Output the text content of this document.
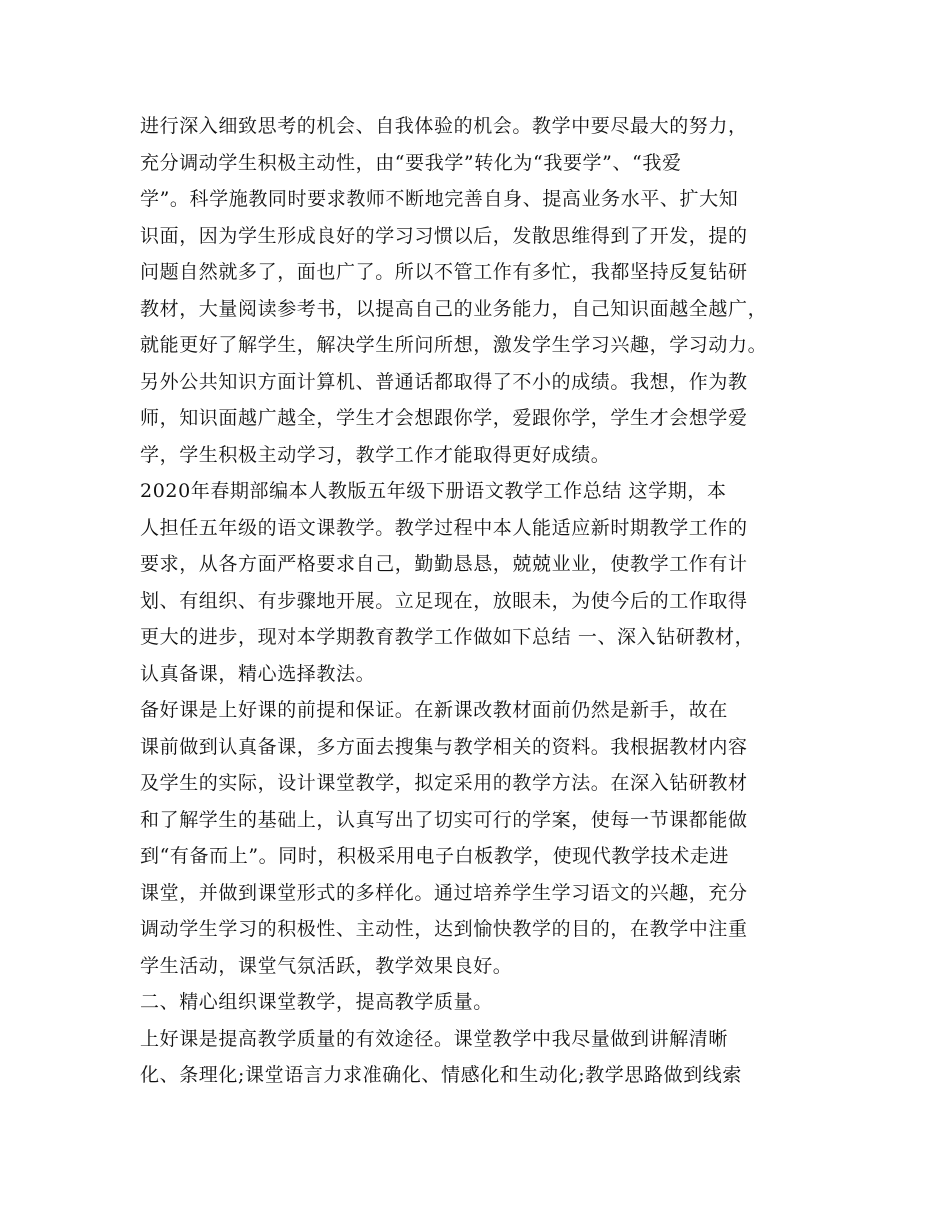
进行深入细致思考的机会、自我体验的机会。教学中要尽最大的努力，
充分调动学生积极主动性，由“要我学”转化为“我要学”、“我爱
学”。科学施教同时要求教师不断地完善自身、提高业务水平、扩大知
识面，因为学生形成良好的学习习惯以后，发散思维得到了开发，提的
问题自然就多了，面也广了。所以不管工作有多忙，我都坚持反复钻研
教材，大量阅读参考书，以提高自己的业务能力，自己知识面越全越广，
就能更好了解学生，解决学生所问所想，激发学生学习兴趣，学习动力。
另外公共知识方面计算机、普通话都取得了不小的成绩。我想，作为教
师，知识面越广越全，学生才会想跟你学，爱跟你学，学生才会想学爱
学，学生积极主动学习，教学工作才能取得更好成绩。
2020年春期部编本人教版五年级下册语文教学工作总结 这学期，本
人担任五年级的语文课教学。教学过程中本人能适应新时期教学工作的
要求，从各方面严格要求自己，勤勤恳恳，兢兢业业，使教学工作有计
划、有组织、有步骤地开展。立足现在，放眼未，为使今后的工作取得
更大的进步，现对本学期教育教学工作做如下总结 一、深入钻研教材，
认真备课，精心选择教法。
备好课是上好课的前提和保证。在新课改教材面前仍然是新手，故在
课前做到认真备课，多方面去搜集与教学相关的资料。我根据教材内容
及学生的实际，设计课堂教学，拟定采用的教学方法。在深入钻研教材
和了解学生的基础上，认真写出了切实可行的学案，使每一节课都能做
到“有备而上”。同时，积极采用电子白板教学，使现代教学技术走进
课堂，并做到课堂形式的多样化。通过培养学生学习语文的兴趣，充分
调动学生学习的积极性、主动性，达到愉快教学的目的，在教学中注重
学生活动，课堂气氛活跃，教学效果良好。
二、精心组织课堂教学，提高教学质量。
上好课是提高教学质量的有效途径。课堂教学中我尽量做到讲解清晰
化、条理化;课堂语言力求准确化、情感化和生动化;教学思路做到线索
